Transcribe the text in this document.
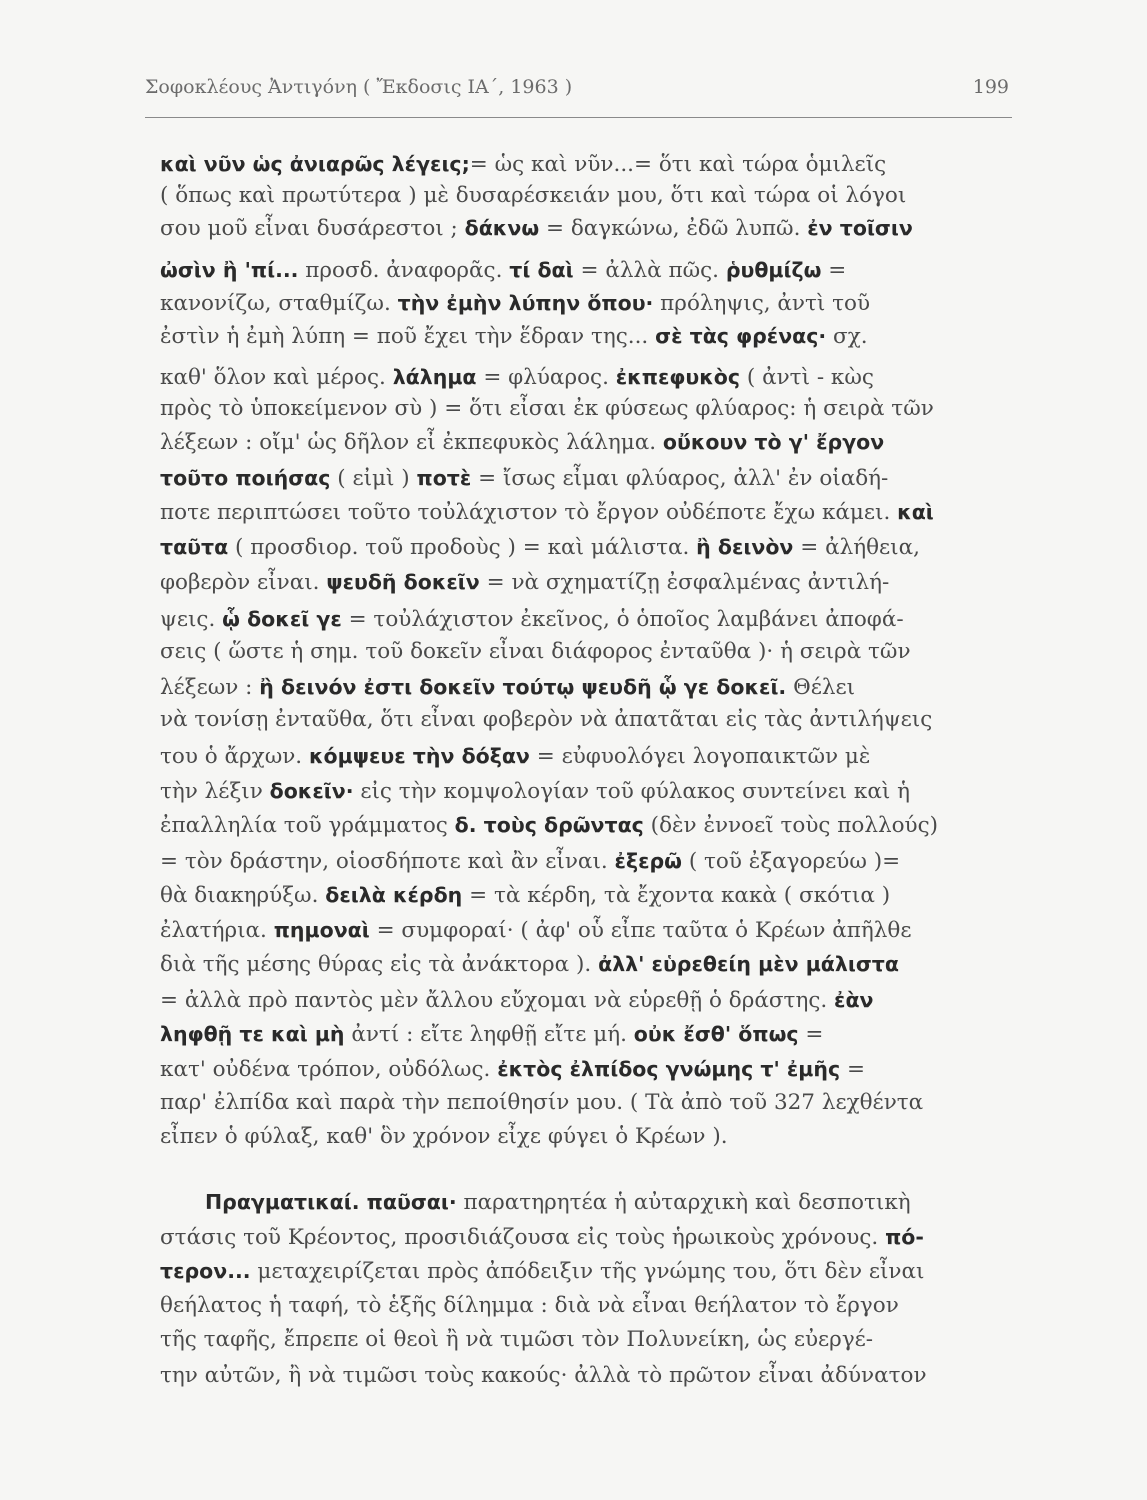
Σοφοκλέους Ἀντιγόνη ( Ἔκδοσις ΙΑ΄, 1963 )	199
καὶ νῦν ὡς ἀνιαρῶς λέγεις;= ὡς καὶ νῦν...= ὅτι καὶ τώρα ὁμιλεῖς
( ὅπως καὶ πρωτύτερα ) μὲ δυσαρέσκειάν μου, ὅτι καὶ τώρα οἱ λόγοι
σου μοῦ εἶναι δυσάρεστοι ; δάκνω = δαγκώνω, ἐδῶ λυπῶ. ἐν τοῖσιν
ὠσὶν ἢ 'πί... προσδ. ἀναφορᾶς. τί δαὶ = ἀλλὰ πῶς. ῥυθμίζω =
κανονίζω, σταθμίζω. τὴν ἐμὴν λύπην ὅπου· πρόληψις, ἀντὶ τοῦ
ἐστὶν ἡ ἐμὴ λύπη = ποῦ ἔχει τὴν ἕδραν της... σὲ τὰς φρένας· σχ.
καθ' ὅλον καὶ μέρος. λάλημα = φλύαρος. ἐκπεφυκὸς ( ἀντὶ - κὼς
πρὸς τὸ ὑποκείμενον σὺ ) = ὅτι εἶσαι ἐκ φύσεως φλύαρος: ἡ σειρὰ τῶν
λέξεων : οἴμ' ὡς δῆλον εἶ ἐκπεφυκὸς λάλημα. οὔκουν τὸ γ' ἔργον
τοῦτο ποιήσας ( εἰμὶ ) ποτὲ = ἴσως εἶμαι φλύαρος, ἀλλ' ἐν οἱαδή-
ποτε περιπτώσει τοῦτο τοὐλάχιστον τὸ ἔργον οὐδέποτε ἔχω κάμει. καὶ
ταῦτα ( προσδιορ. τοῦ προδοὺς ) = καὶ μάλιστα. ἢ δεινὸν = ἀλήθεια,
φοβερὸν εἶναι. ψευδῆ δοκεῖν = νὰ σχηματίζῃ ἐσφαλμένας ἀντιλή-
ψεις. ᾧ δοκεῖ γε = τοὐλάχιστον ἐκεῖνος, ὁ ὁποῖος λαμβάνει ἀποφά-
σεις ( ὥστε ἡ σημ. τοῦ δοκεῖν εἶναι διάφορος ἐνταῦθα )· ἡ σειρὰ τῶν
λέξεων : ἢ δεινόν ἐστι δοκεῖν τούτῳ ψευδῆ ᾧ γε δοκεῖ. Θέλει
νὰ τονίσῃ ἐνταῦθα, ὅτι εἶναι φοβερὸν νὰ ἀπατᾶται εἰς τὰς ἀντιλήψεις
του ὁ ἄρχων. κόμψευε τὴν δόξαν = εὐφυολόγει λογοπαικτῶν μὲ
τὴν λέξιν δοκεῖν· εἰς τὴν κομψολογίαν τοῦ φύλακος συντείνει καὶ ἡ
ἐπαλληλία τοῦ γράμματος δ. τοὺς δρῶντας (δὲν ἐννοεῖ τοὺς πολλούς)
= τὸν δράστην, οἱοσδήποτε καὶ ἂν εἶναι. ἐξερῶ ( τοῦ ἐξαγορεύω )=
θὰ διακηρύξω. δειλὰ κέρδη = τὰ κέρδη, τὰ ἔχοντα κακὰ ( σκότια )
ἐλατήρια. πημοναὶ = συμφοραί· ( ἀφ' οὗ εἶπε ταῦτα ὁ Κρέων ἀπῆλθε
διὰ τῆς μέσης θύρας εἰς τὰ ἀνάκτορα ). ἀλλ' εὑρεθείη μὲν μάλιστα
= ἀλλὰ πρὸ παντὸς μὲν ἄλλου εὔχομαι νὰ εὑρεθῇ ὁ δράστης. ἐὰν
ληφθῇ τε καὶ μὴ ἀντί : εἴτε ληφθῇ εἴτε μή. οὐκ ἔσθ' ὅπως =
κατ' οὐδένα τρόπον, οὐδόλως. ἐκτὸς ἐλπίδος γνώμης τ' ἐμῆς =
παρ' ἐλπίδα καὶ παρὰ τὴν πεποίθησίν μου. ( Τὰ ἀπὸ τοῦ 327 λεχθέντα
εἶπεν ὁ φύλαξ, καθ' ὃν χρόνον εἶχε φύγει ὁ Κρέων ).
Πραγματικαί. παῦσαι· παρατηρητέα ἡ αὐταρχικὴ καὶ δεσποτικὴ
στάσις τοῦ Κρέοντος, προσιδιάζουσα εἰς τοὺς ἡρωικοὺς χρόνους. πό-
τερον... μεταχειρίζεται πρὸς ἀπόδειξιν τῆς γνώμης του, ὅτι δὲν εἶναι
θεήλατος ἡ ταφή, τὸ ἑξῆς δίλημμα : διὰ νὰ εἶναι θεήλατον τὸ ἔργον
τῆς ταφῆς, ἔπρεπε οἱ θεοὶ ἢ νὰ τιμῶσι τὸν Πολυνείκη, ὡς εὐεργέ-
την αὐτῶν, ἢ νὰ τιμῶσι τοὺς κακούς· ἀλλὰ τὸ πρῶτον εἶναι ἀδύνατον
